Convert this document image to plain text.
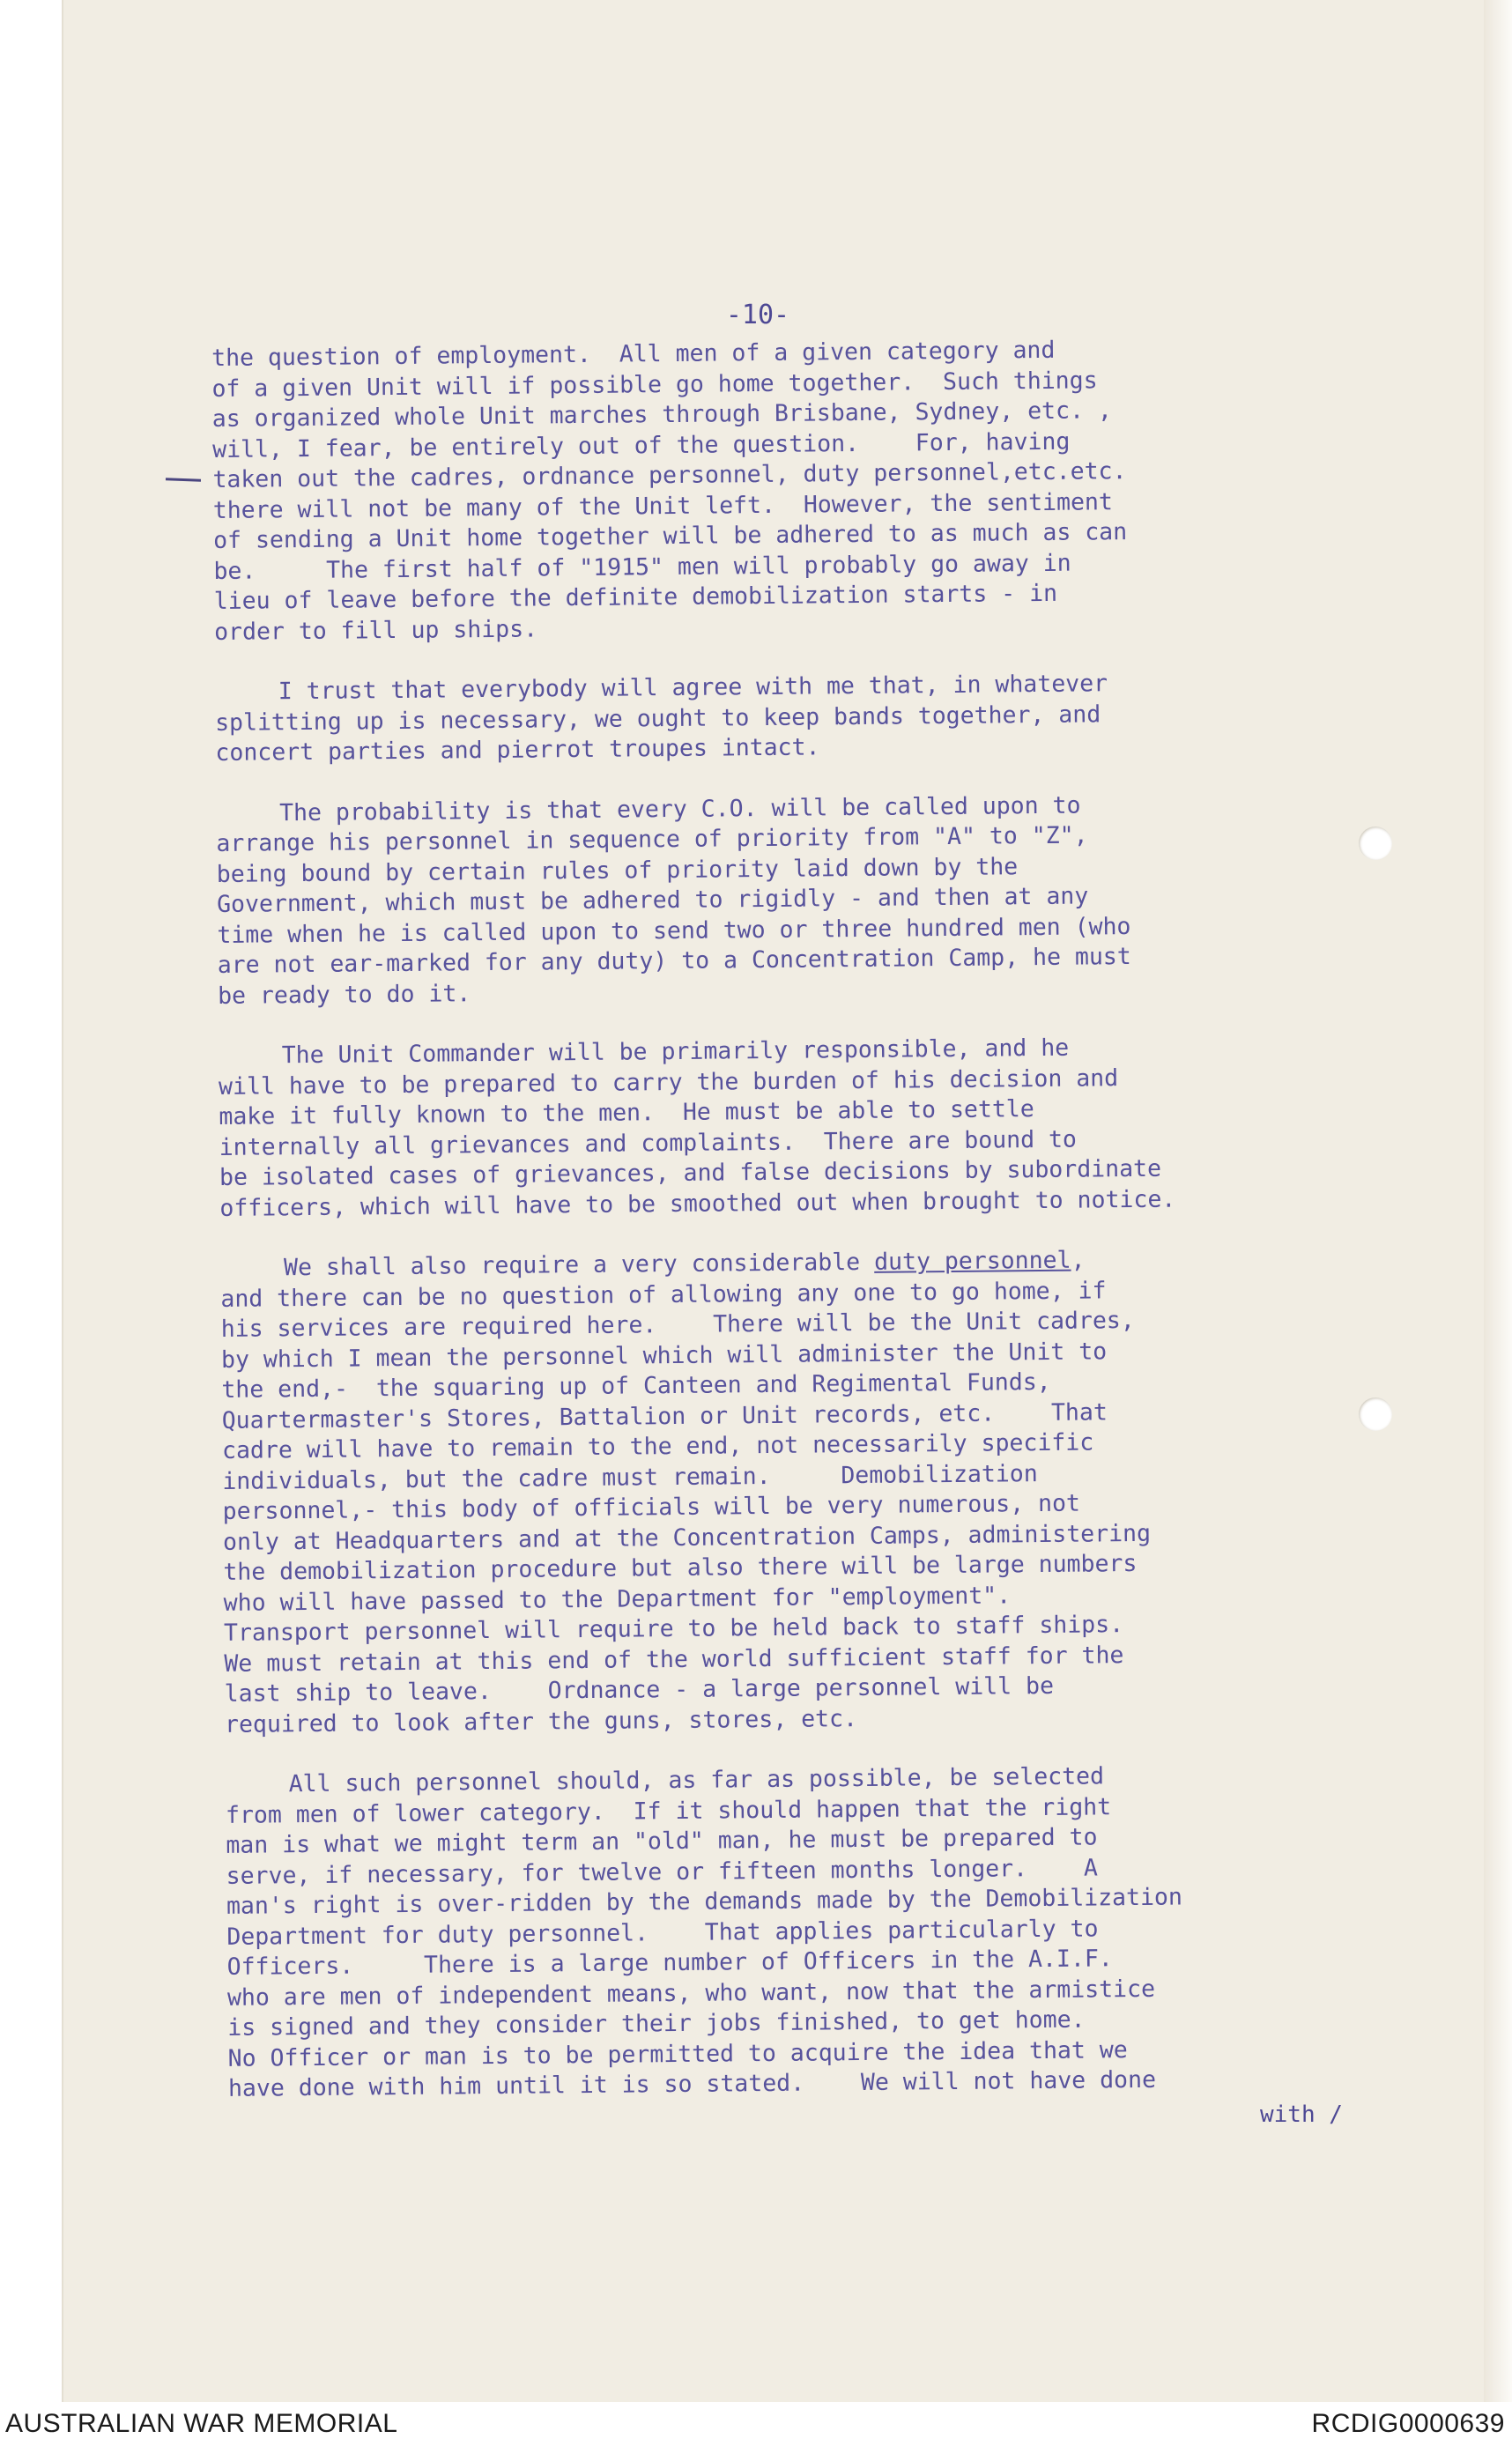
-10-

the question of employment.  All men of a given category and

of a given Unit will if possible go home together.  Such things

as organized whole Unit marches through Brisbane, Sydney, etc. ,

will, I fear, be entirely out of the question.    For, having

taken out the cadres, ordnance personnel, duty personnel,etc.etc.

there will not be many of the Unit left.  However, the sentiment

of sending a Unit home together will be adhered to as much as can

be.     The first half of "1915" men will probably go away in

lieu of leave before the definite demobilization starts - in

order to fill up ships.

I trust that everybody will agree with me that, in whatever

splitting up is necessary, we ought to keep bands together, and

concert parties and pierrot troupes intact.

The probability is that every C.O. will be called upon to

arrange his personnel in sequence of priority from "A" to "Z",

being bound by certain rules of priority laid down by the

Government, which must be adhered to rigidly - and then at any

time when he is called upon to send two or three hundred men (who

are not ear-marked for any duty) to a Concentration Camp, he must

be ready to do it.

The Unit Commander will be primarily responsible, and he

will have to be prepared to carry the burden of his decision and

make it fully known to the men.  He must be able to settle

internally all grievances and complaints.  There are bound to

be isolated cases of grievances, and false decisions by subordinate

officers, which will have to be smoothed out when brought to notice.

We shall also require a very considerable duty personnel,

and there can be no question of allowing any one to go home, if

his services are required here.    There will be the Unit cadres,

by which I mean the personnel which will administer the Unit to

the end,-  the squaring up of Canteen and Regimental Funds,

Quartermaster's Stores, Battalion or Unit records, etc.    That

cadre will have to remain to the end, not necessarily specific

individuals, but the cadre must remain.     Demobilization

personnel,- this body of officials will be very numerous, not

only at Headquarters and at the Concentration Camps, administering

the demobilization procedure but also there will be large numbers

who will have passed to the Department for "employment".

Transport personnel will require to be held back to staff ships.

We must retain at this end of the world sufficient staff for the

last ship to leave.    Ordnance - a large personnel will be

required to look after the guns, stores, etc.

All such personnel should, as far as possible, be selected

from men of lower category.  If it should happen that the right

man is what we might term an "old" man, he must be prepared to

serve, if necessary, for twelve or fifteen months longer.    A

man's right is over-ridden by the demands made by the Demobilization

Department for duty personnel.    That applies particularly to

Officers.     There is a large number of Officers in the A.I.F.

who are men of independent means, who want, now that the armistice

is signed and they consider their jobs finished, to get home.

No Officer or man is to be permitted to acquire the idea that we

have done with him until it is so stated.    We will not have done

with /
AUSTRALIAN WAR MEMORIAL	RCDIG0000639
